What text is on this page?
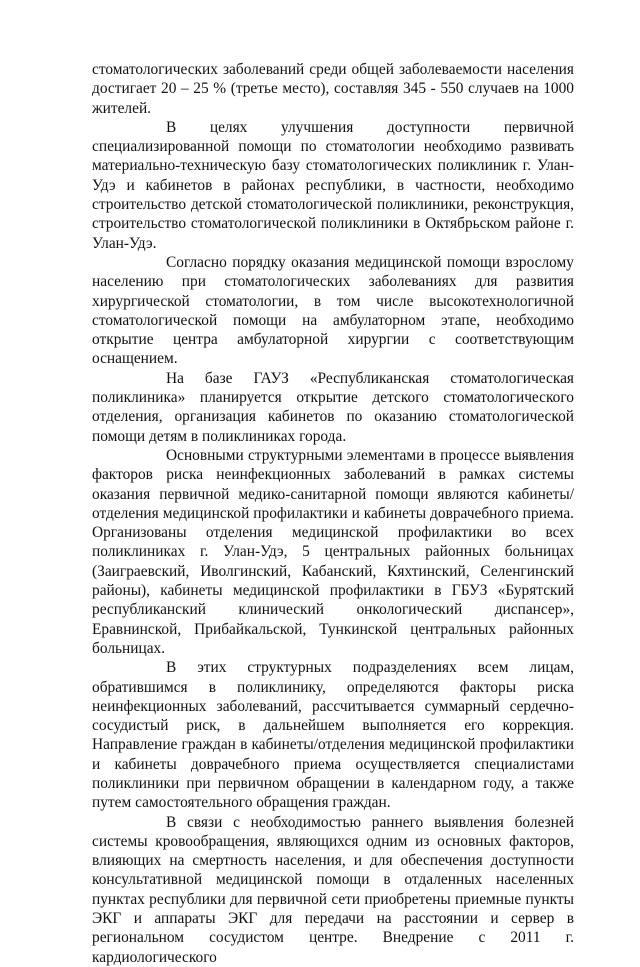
стоматологических заболеваний среди общей заболеваемости населения достигает 20 – 25 % (третье место), составляя 345 - 550 случаев на 1000 жителей.

В целях улучшения доступности первичной специализированной помощи по стоматологии необходимо развивать материально-техническую базу стоматологических поликлиник г. Улан-Удэ и кабинетов в районах республики, в частности, необходимо строительство детской стоматологической поликлиники, реконструкция, строительство стоматологической поликлиники в Октябрьском районе г. Улан-Удэ.

Согласно порядку оказания медицинской помощи взрослому населению при стоматологических заболеваниях для развития хирургической стоматологии, в том числе высокотехнологичной стоматологической помощи на амбулаторном этапе, необходимо открытие центра амбулаторной хирургии с соответствующим оснащением.

На базе ГАУЗ «Республиканская стоматологическая поликлиника» планируется открытие детского стоматологического отделения, организация кабинетов по оказанию стоматологической помощи детям в поликлиниках города.

Основными структурными элементами в процессе выявления факторов риска неинфекционных заболеваний в рамках системы оказания первичной медико-санитарной помощи являются кабинеты/отделения медицинской профилактики и кабинеты доврачебного приема. Организованы отделения медицинской профилактики во всех поликлиниках г. Улан-Удэ, 5 центральных районных больницах (Заиграевский, Иволгинский, Кабанский, Кяхтинский, Селенгинский районы), кабинеты медицинской профилактики в ГБУЗ «Бурятский республиканский клинический онкологический диспансер», Еравнинской, Прибайкальской, Тункинской центральных районных больницах.

В этих структурных подразделениях всем лицам, обратившимся в поликлинику, определяются факторы риска неинфекционных заболеваний, рассчитывается суммарный сердечно-сосудистый риск, в дальнейшем выполняется его коррекция. Направление граждан в кабинеты/отделения медицинской профилактики и кабинеты доврачебного приема осуществляется специалистами поликлиники при первичном обращении в календарном году, а также путем самостоятельного обращения граждан.

В связи с необходимостью раннего выявления болезней системы кровообращения, являющихся одним из основных факторов, влияющих на смертность населения, и для обеспечения доступности консультативной медицинской помощи в отдаленных населенных пунктах республики для первичной сети приобретены приемные пункты ЭКГ и аппараты ЭКГ для передачи на расстоянии и сервер в региональном сосудистом центре. Внедрение с 2011 г. кардиологического
